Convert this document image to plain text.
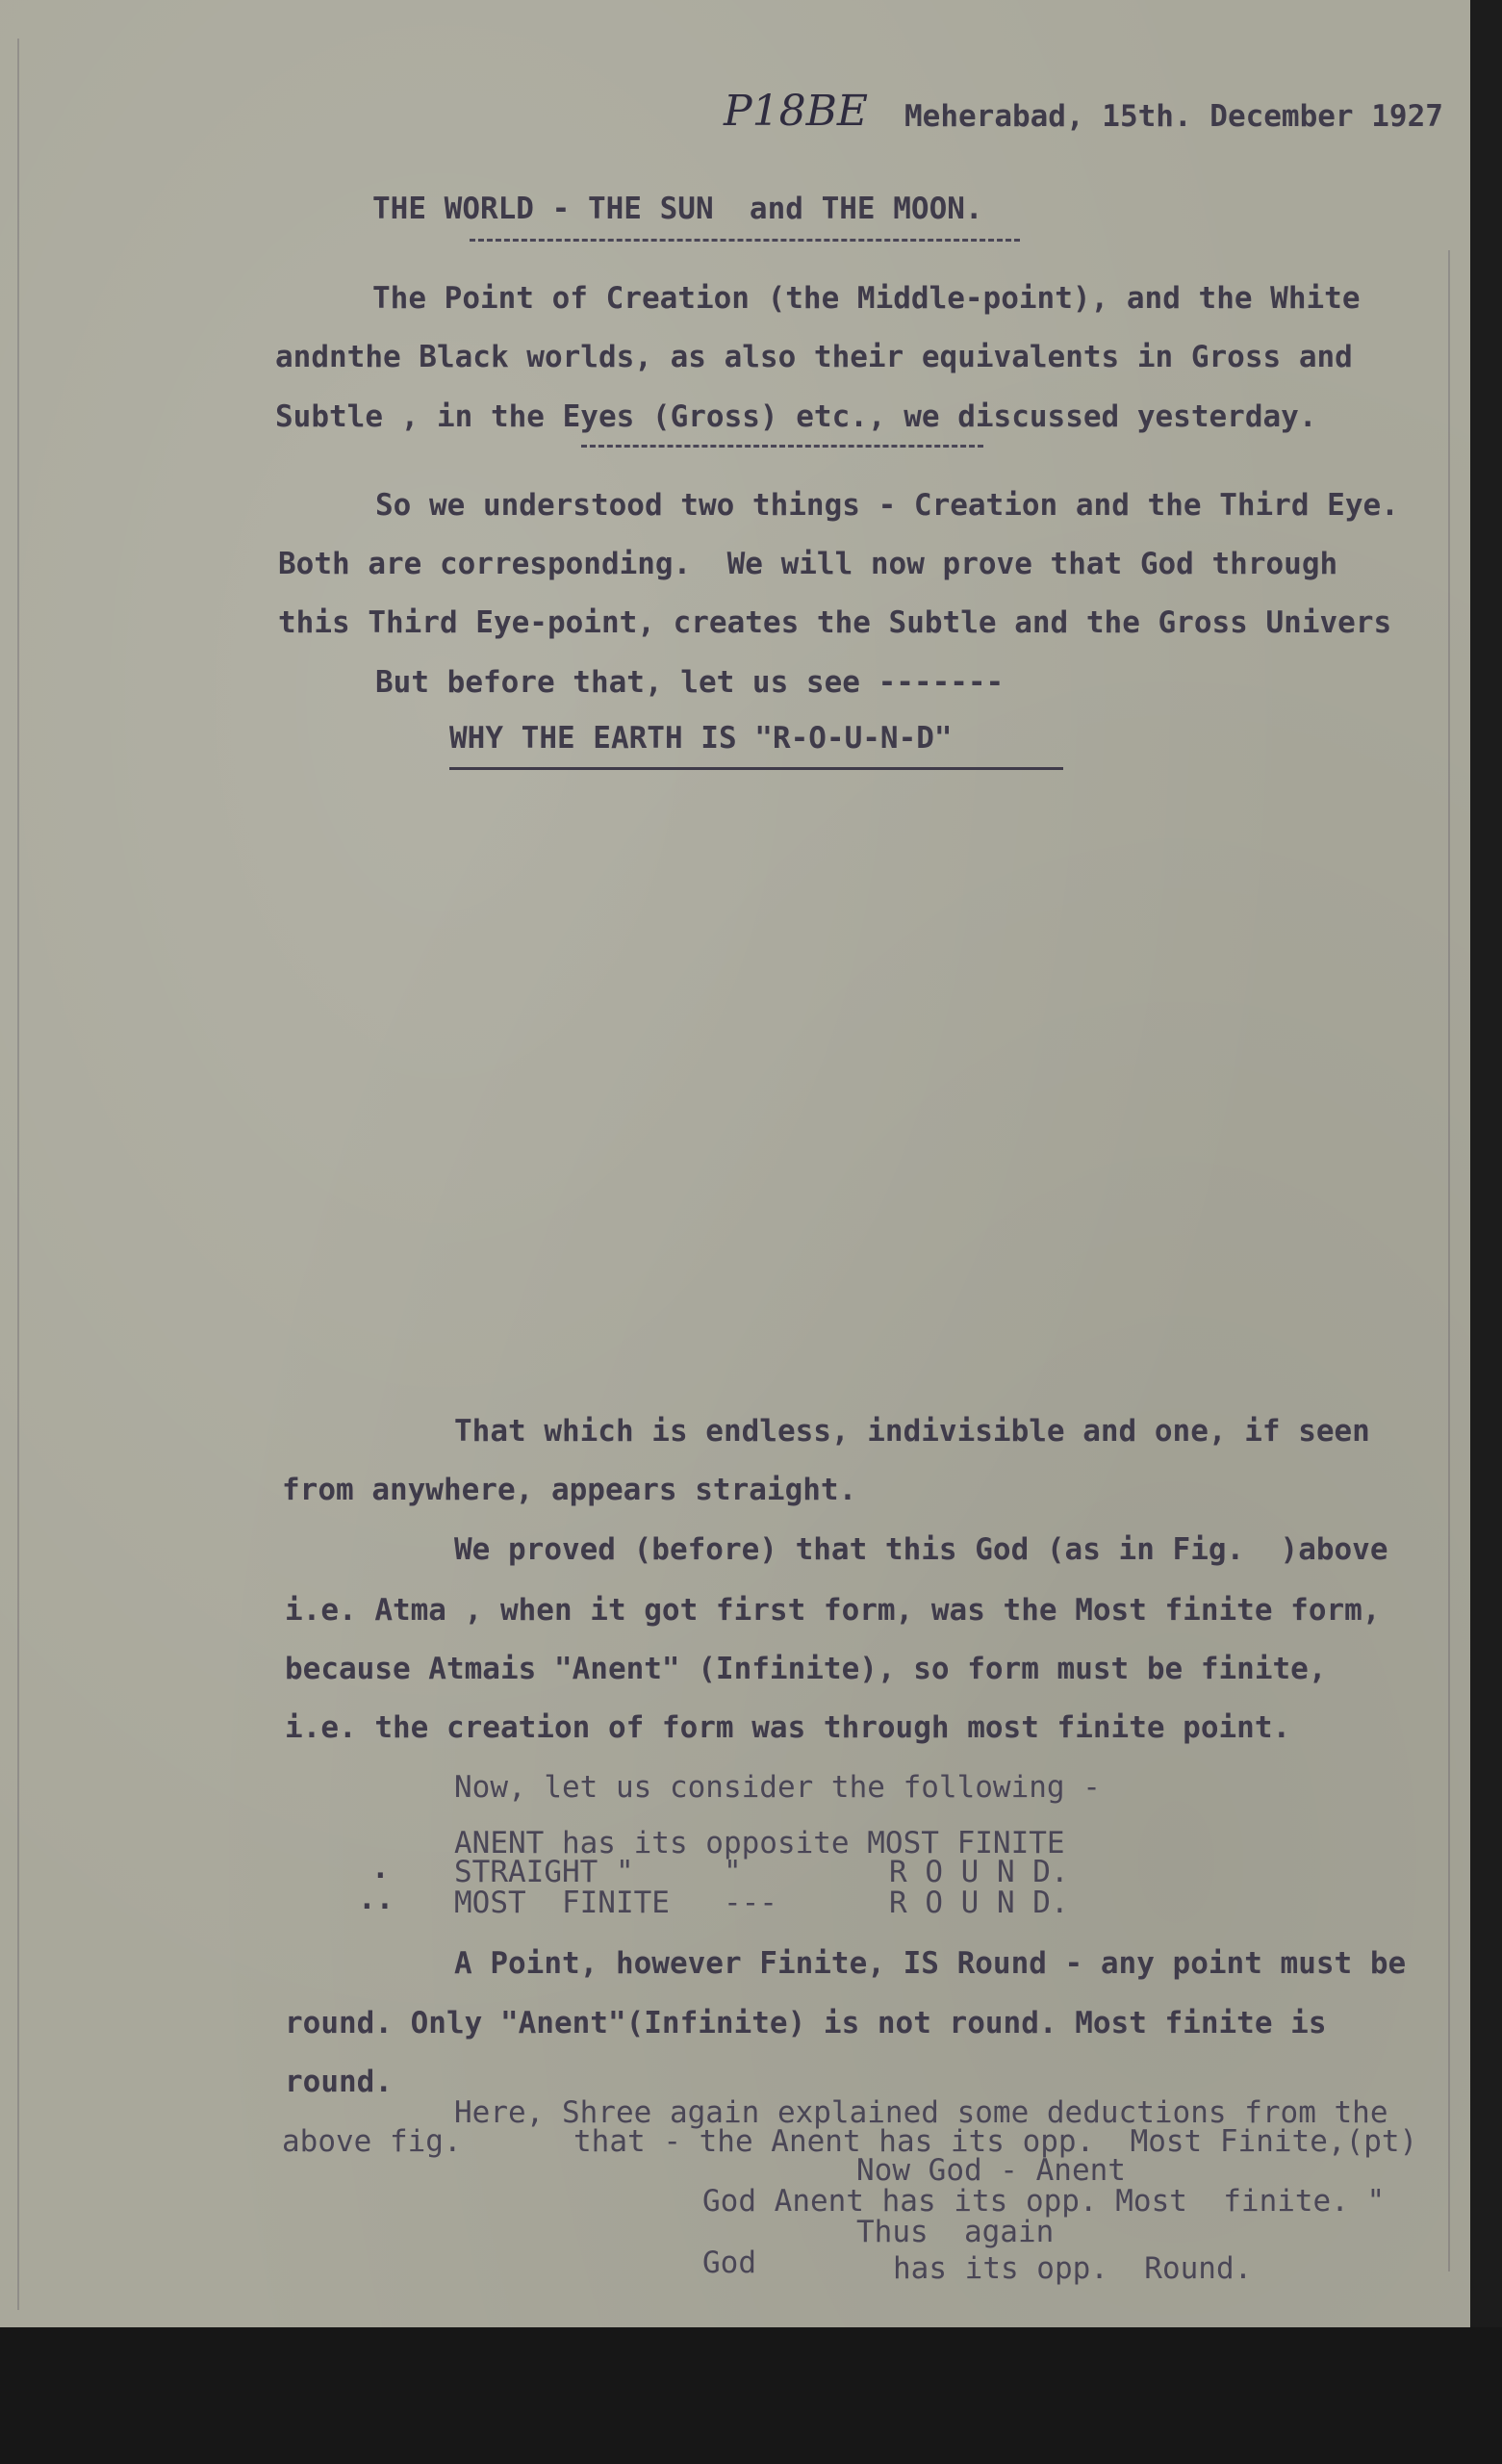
P18BE Meherabad, 15th. December 1927
THE WORLD - THE SUN  and THE MOON.
The Point of Creation (the Middle-point), and the White
andnthe Black worlds, as also their equivalents in Gross and
Subtle , in the Eyes (Gross) etc., we discussed yesterday.
So we understood two things - Creation and the Third Eye.
Both are corresponding.  We will now prove that God through
this Third Eye-point, creates the Subtle and the Gross Univers
But before that, let us see -------
WHY THE EARTH IS "R-O-U-N-D"
That which is endless, indivisible and one, if seen
from anywhere, appears straight.
We proved (before) that this God (as in Fig.  )above
i.e. Atma , when it got first form, was the Most finite form,
because Atmais "Anent" (Infinite), so form must be finite,
i.e. the creation of form was through most finite point.
Now, let us consider the following -
ANENT has its opposite MOST FINITE
. STRAIGHT "     "	R O U N D.
.. MOST  FINITE   ---	R O U N D.
A Point, however Finite, IS Round - any point must be
round. Only "Anent"(Infinite) is not round. Most finite is
round.
Here, Shree again explained some deductions from the
above fig.	that - the Anent has its opp.  Most Finite,(pt)
Now God - Anent
God Anent has its opp. Most  finite. "
Thus  again
God	has its opp.  Round.
